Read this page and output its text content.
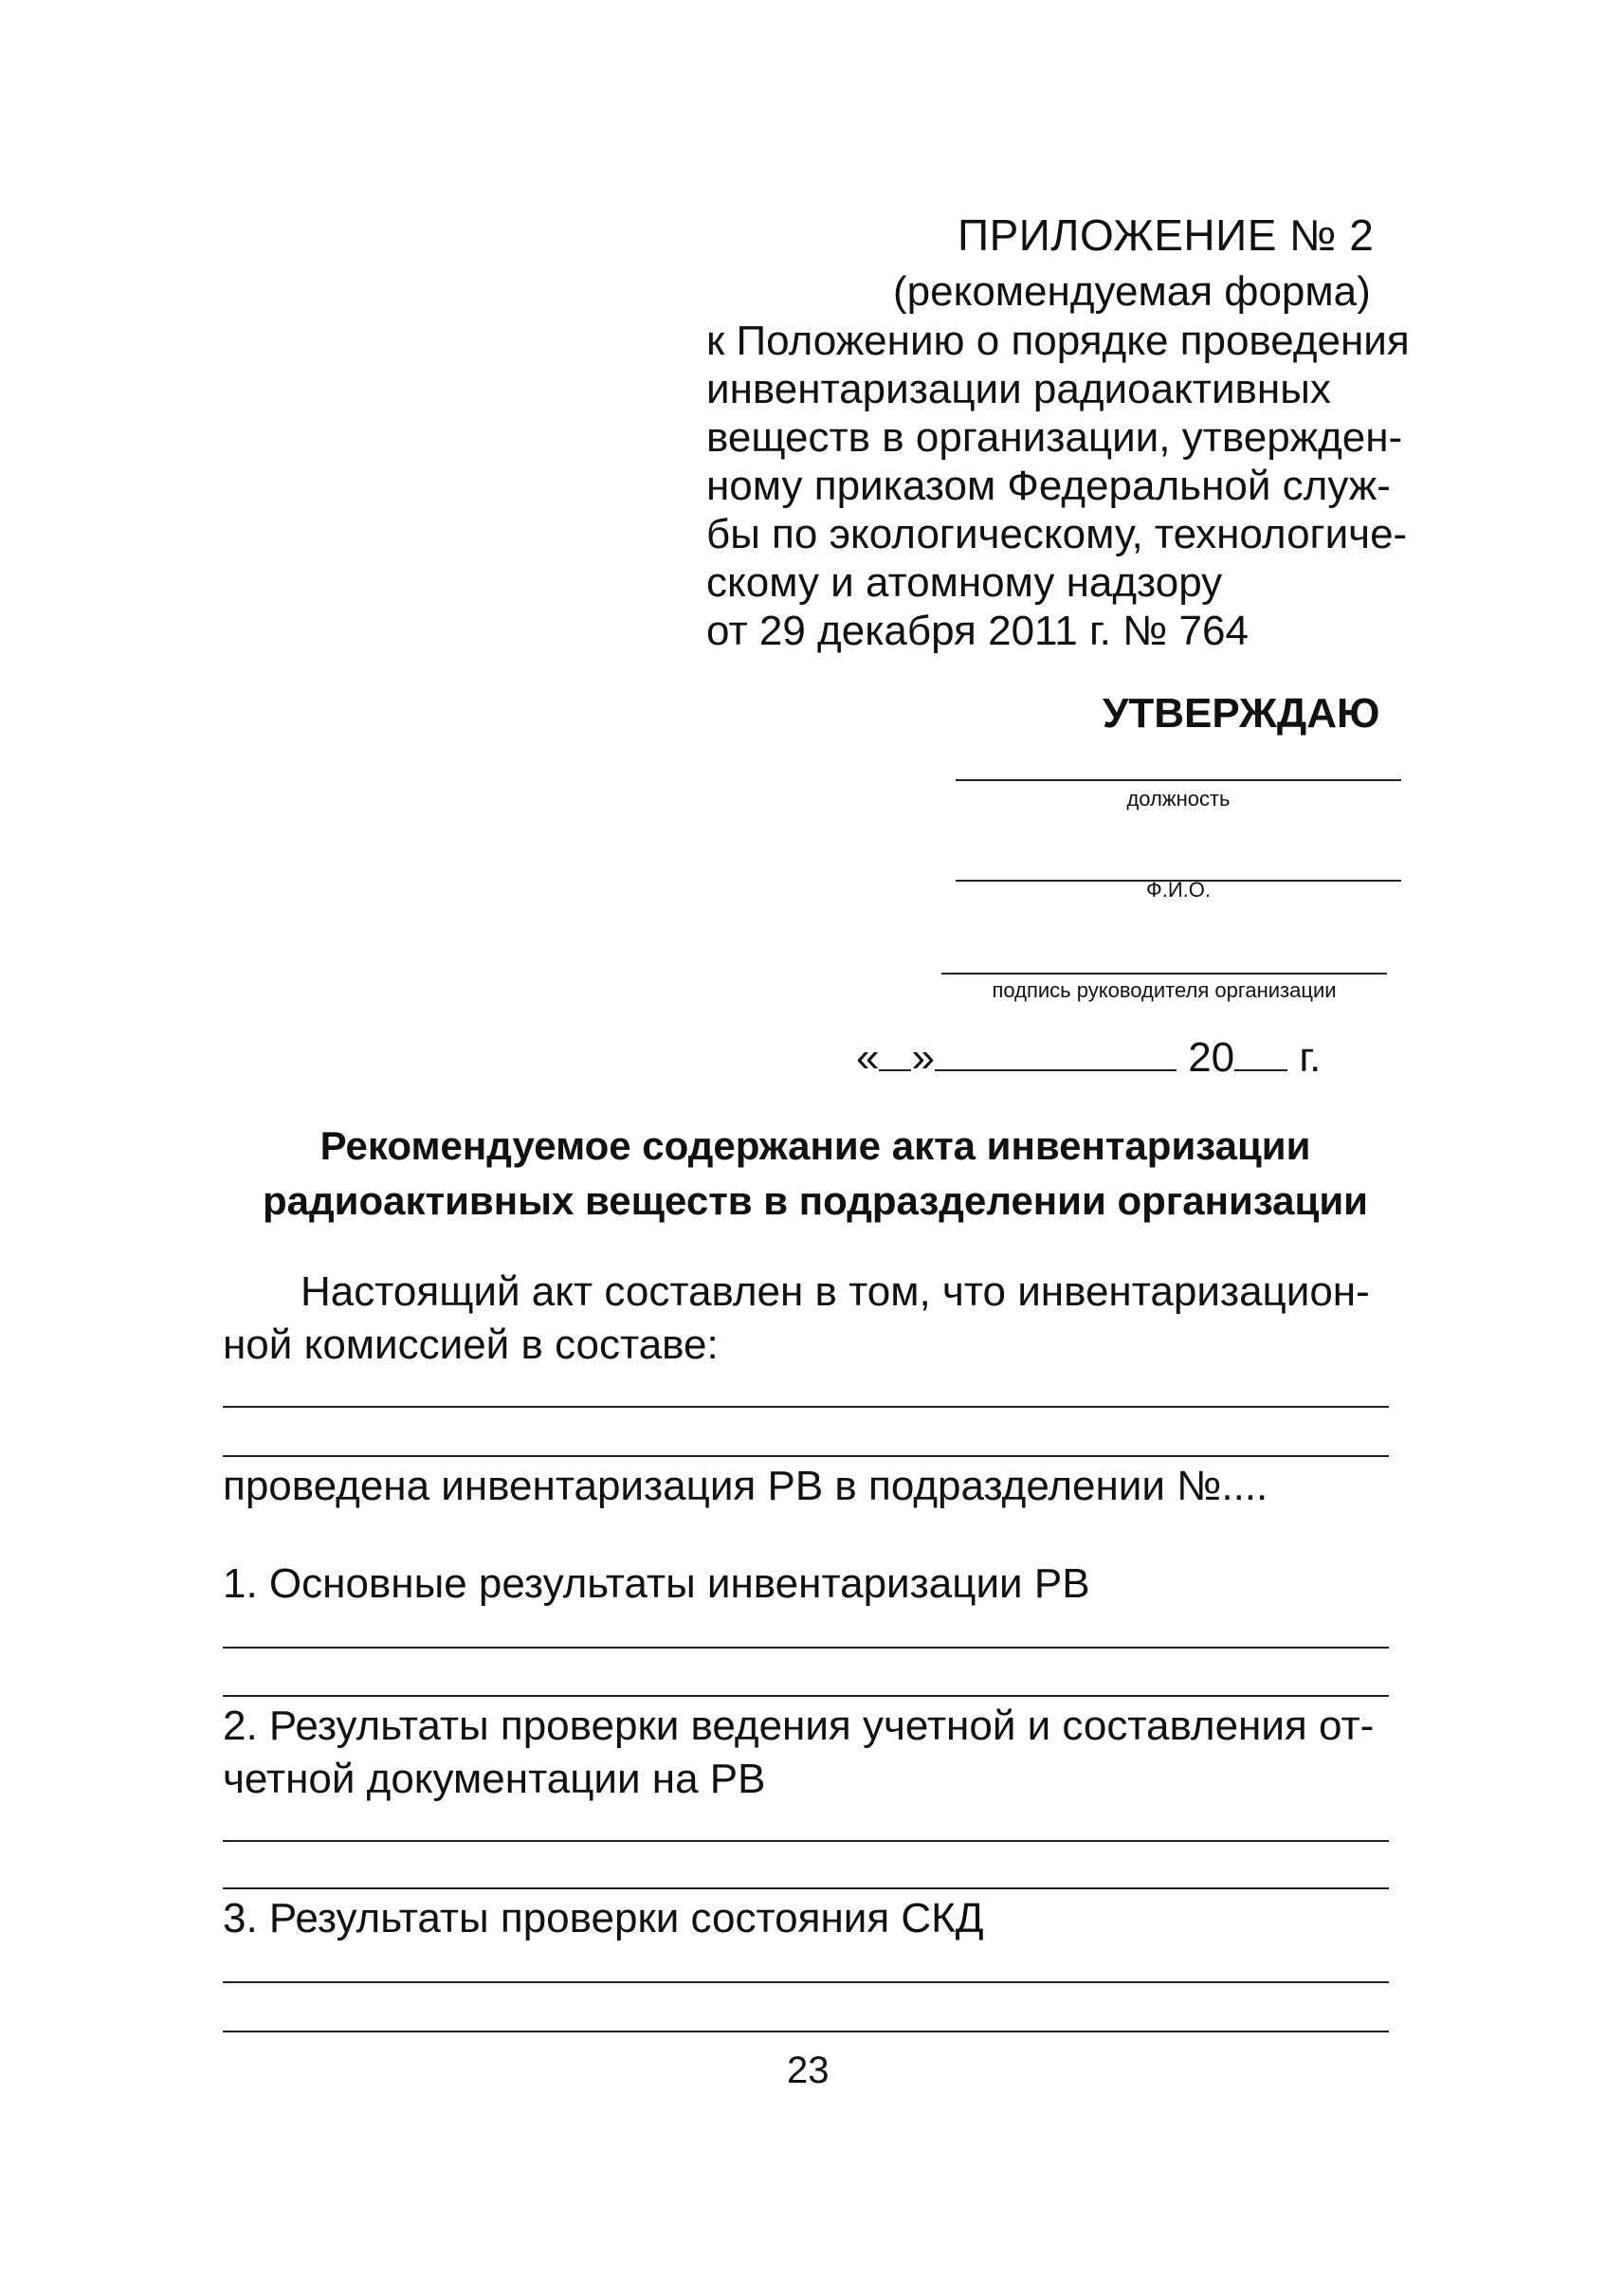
ПРИЛОЖЕНИЕ № 2
(рекомендуемая форма)
к Положению о порядке проведения
инвентаризации радиоактивных
веществ в организации, утвержден-
ному приказом Федеральной служ-
бы по экологическому, технологиче-
скому и атомному надзору
от 29 декабря 2011 г. № 764
УТВЕРЖДАЮ
должность
Ф.И.О.
подпись руководителя организации
« »	20 г.
Рекомендуемое содержание акта инвентаризации
радиоактивных веществ в подразделении организации
Настоящий акт составлен в том, что инвентаризацион-
ной комиссией в составе:
проведена инвентаризация РВ в подразделении №....
1. Основные результаты инвентаризации РВ
2. Результаты проверки ведения учетной и составления от-
четной документации на РВ
3. Результаты проверки состояния СКД
23
